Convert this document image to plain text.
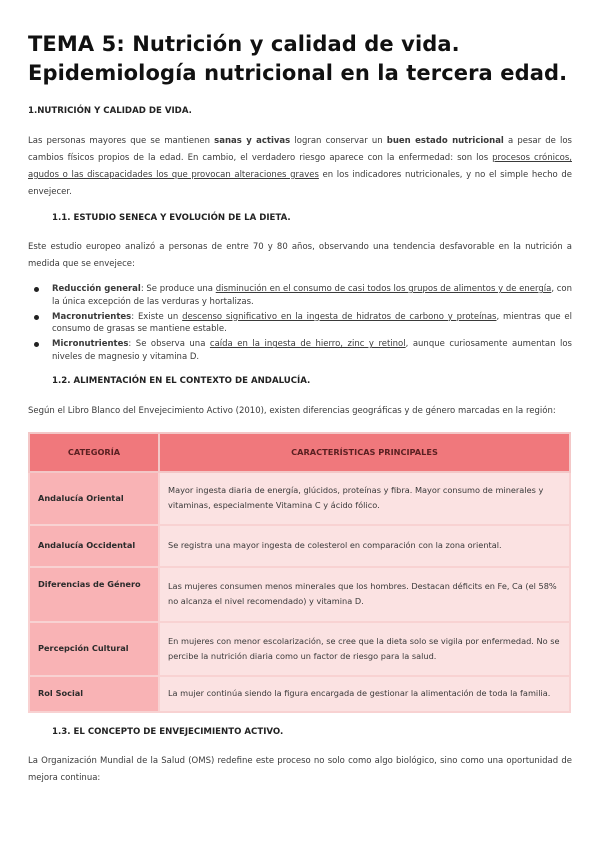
TEMA 5: Nutrición y calidad de vida. Epidemiología nutricional en la tercera edad.
1.NUTRICIÓN Y CALIDAD DE VIDA.

Las personas mayores que se mantienen sanas y activas logran conservar un buen estado nutricional a pesar de los cambios físicos propios de la edad. En cambio, el verdadero riesgo aparece con la enfermedad: son los procesos crónicos, agudos o las discapacidades los que provocan alteraciones graves en los indicadores nutricionales, y no el simple hecho de envejecer.

1.1. ESTUDIO SENECA Y EVOLUCIÓN DE LA DIETA.

Este estudio europeo analizó a personas de entre 70 y 80 años, observando una tendencia desfavorable en la nutrición a medida que se envejece:

Reducción general: Se produce una disminución en el consumo de casi todos los grupos de alimentos y de energía, con la única excepción de las verduras y hortalizas.
Macronutrientes: Existe un descenso significativo en la ingesta de hidratos de carbono y proteínas, mientras que el consumo de grasas se mantiene estable.
Micronutrientes: Se observa una caída en la ingesta de hierro, zinc y retinol, aunque curiosamente aumentan los niveles de magnesio y vitamina D.
1.2. ALIMENTACIÓN EN EL CONTEXTO DE ANDALUCÍA.

Según el Libro Blanco del Envejecimiento Activo (2010), existen diferencias geográficas y de género marcadas en la región:

CATEGORÍA	CARACTERÍSTICAS PRINCIPALES
Andalucía Oriental	Mayor ingesta diaria de energía, glúcidos, proteínas y fibra. Mayor consumo de minerales y vitaminas, especialmente Vitamina C y ácido fólico.
Andalucía Occidental	Se registra una mayor ingesta de colesterol en comparación con la zona oriental.
Diferencias de Género	Las mujeres consumen menos minerales que los hombres. Destacan déficits en Fe, Ca (el 58% no alcanza el nivel recomendado) y vitamina D.
Percepción Cultural	En mujeres con menor escolarización, se cree que la dieta solo se vigila por enfermedad. No se percibe la nutrición diaria como un factor de riesgo para la salud.
Rol Social	La mujer continúa siendo la figura encargada de gestionar la alimentación de toda la familia.
1.3. EL CONCEPTO DE ENVEJECIMIENTO ACTIVO.

La Organización Mundial de la Salud (OMS) redefine este proceso no solo como algo biológico, sino como una oportunidad de mejora continua:
